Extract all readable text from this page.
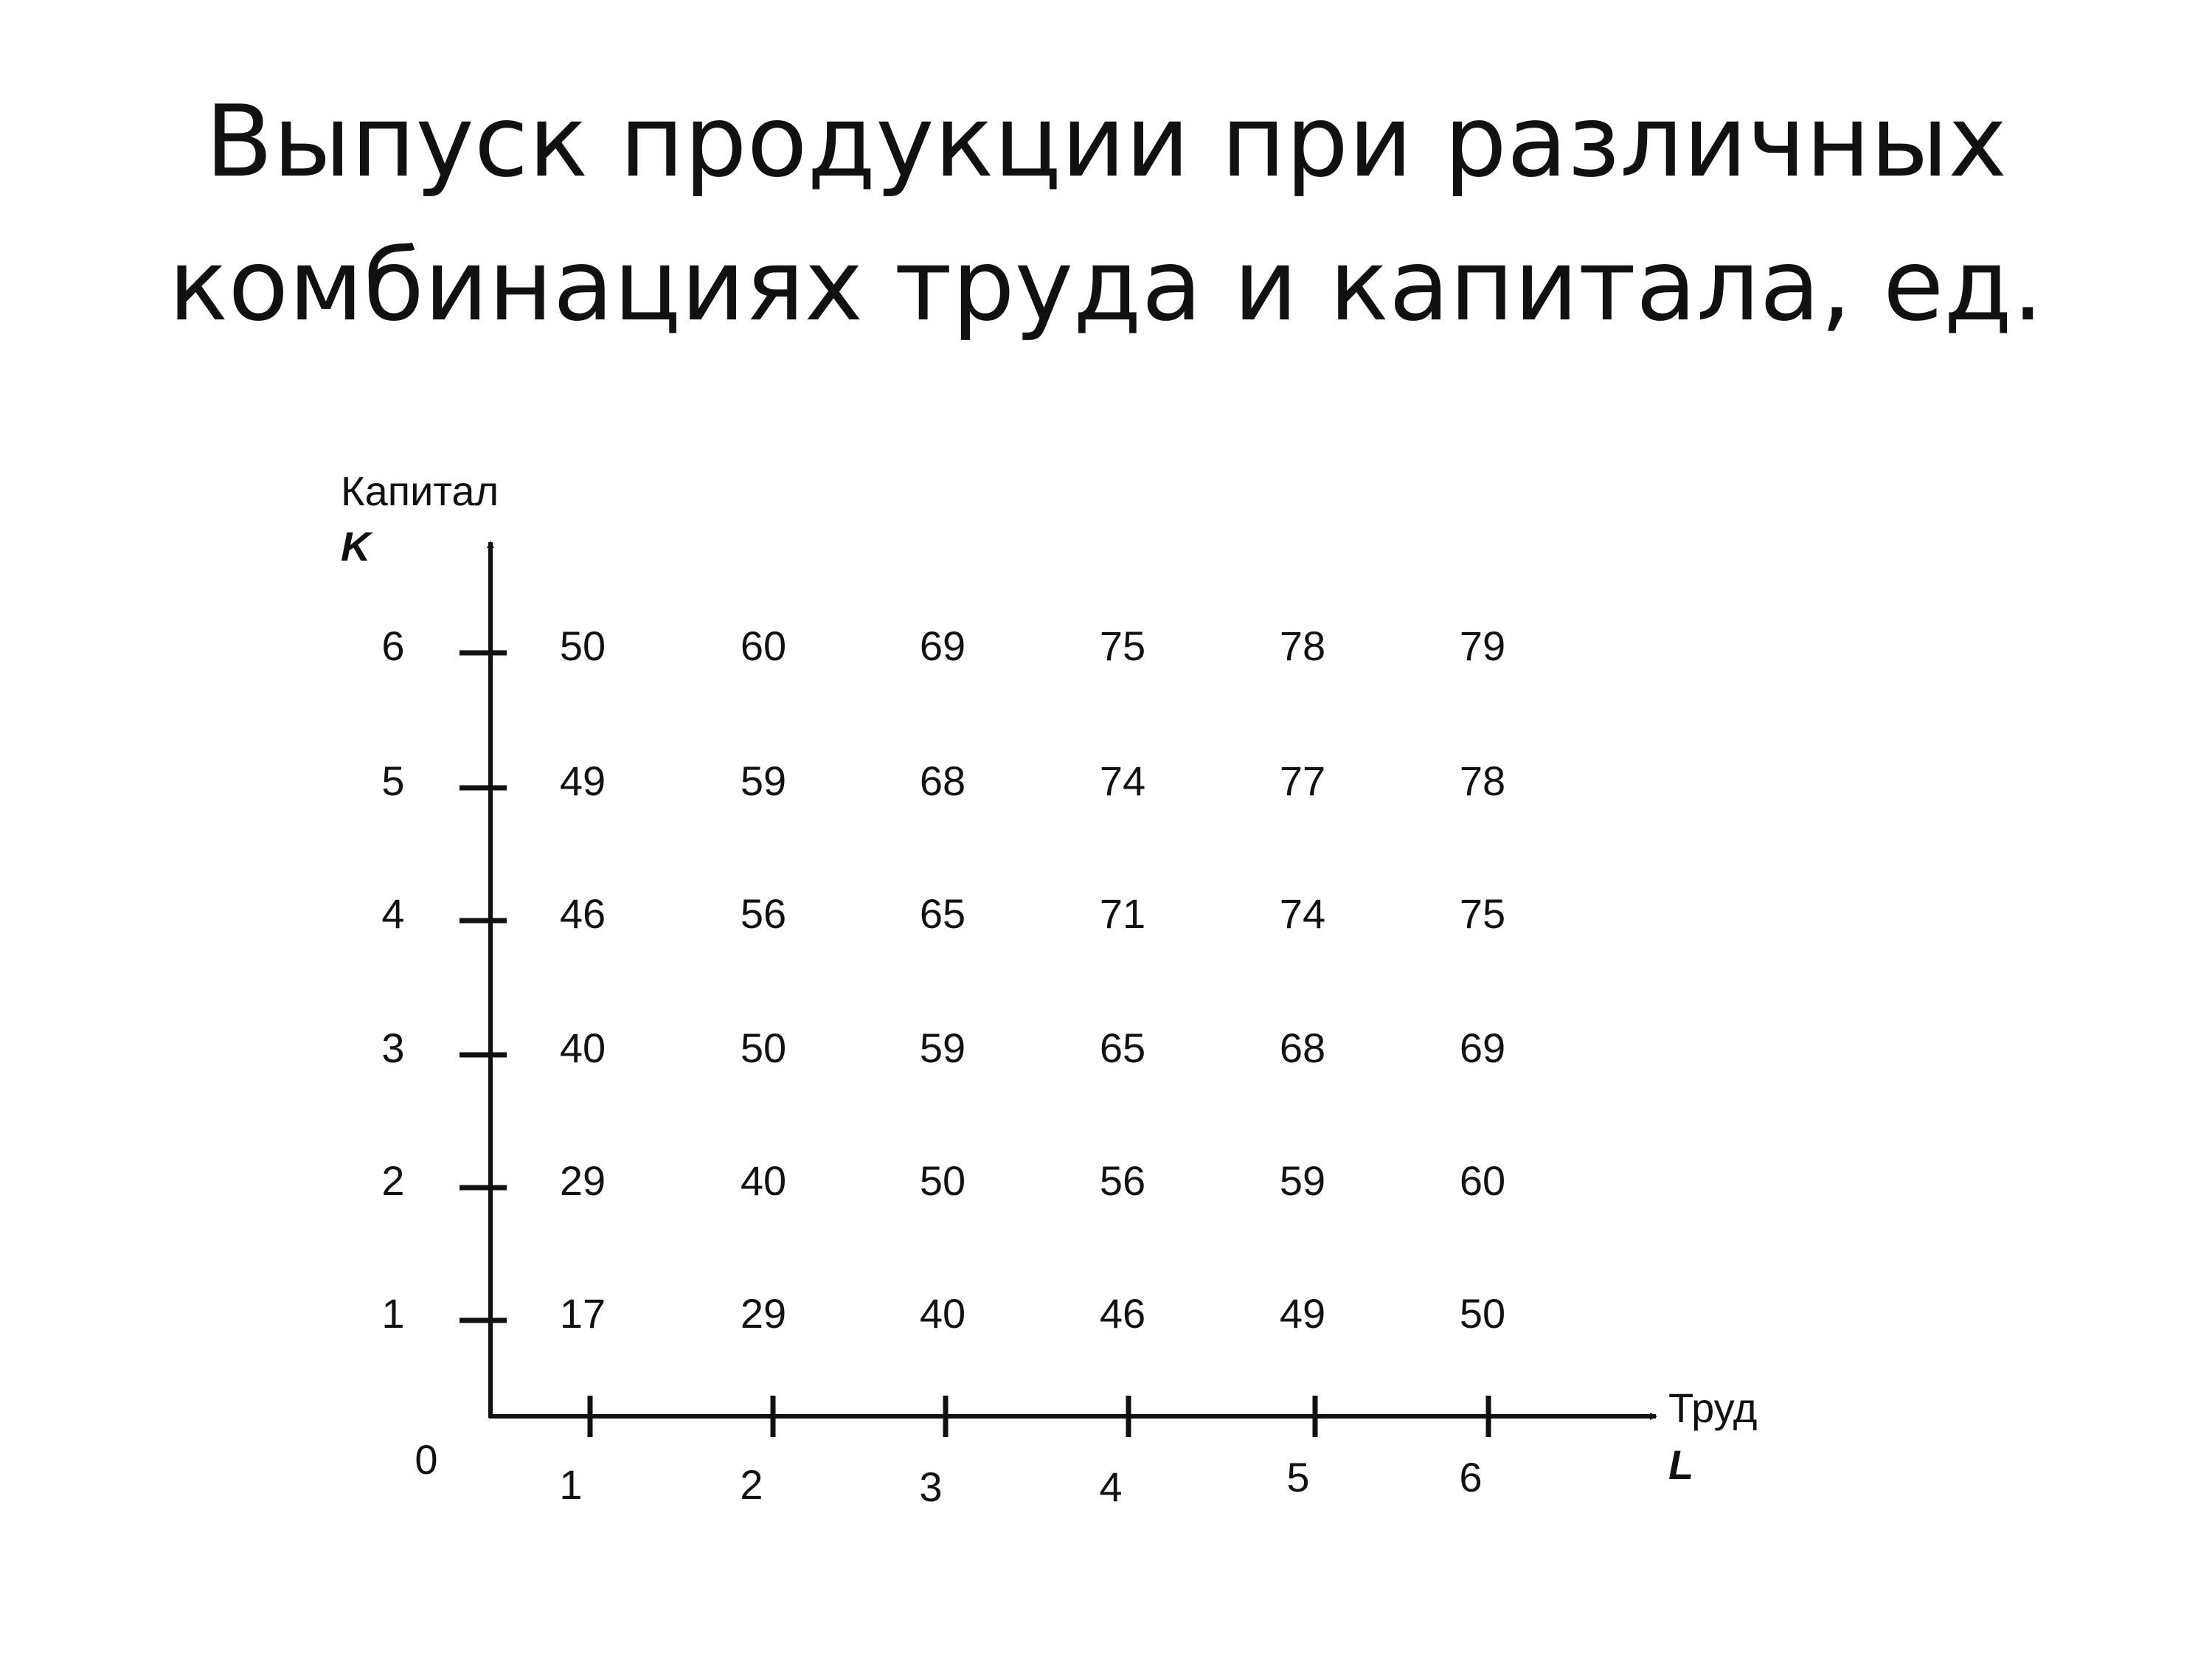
Выпуск продукции при различных
комбинациях труда и капитала, ед.
1
2
3
4
5
6
1	2	3	4	5	6
0
Капитал
K
Труд
L
50	60	69	75	78	79
49	59	68	74	77	78
46	56	65	71	74	75
40	50	59	65	68	69
29	40	50	56	59	60
17	29	40	46	49	50
